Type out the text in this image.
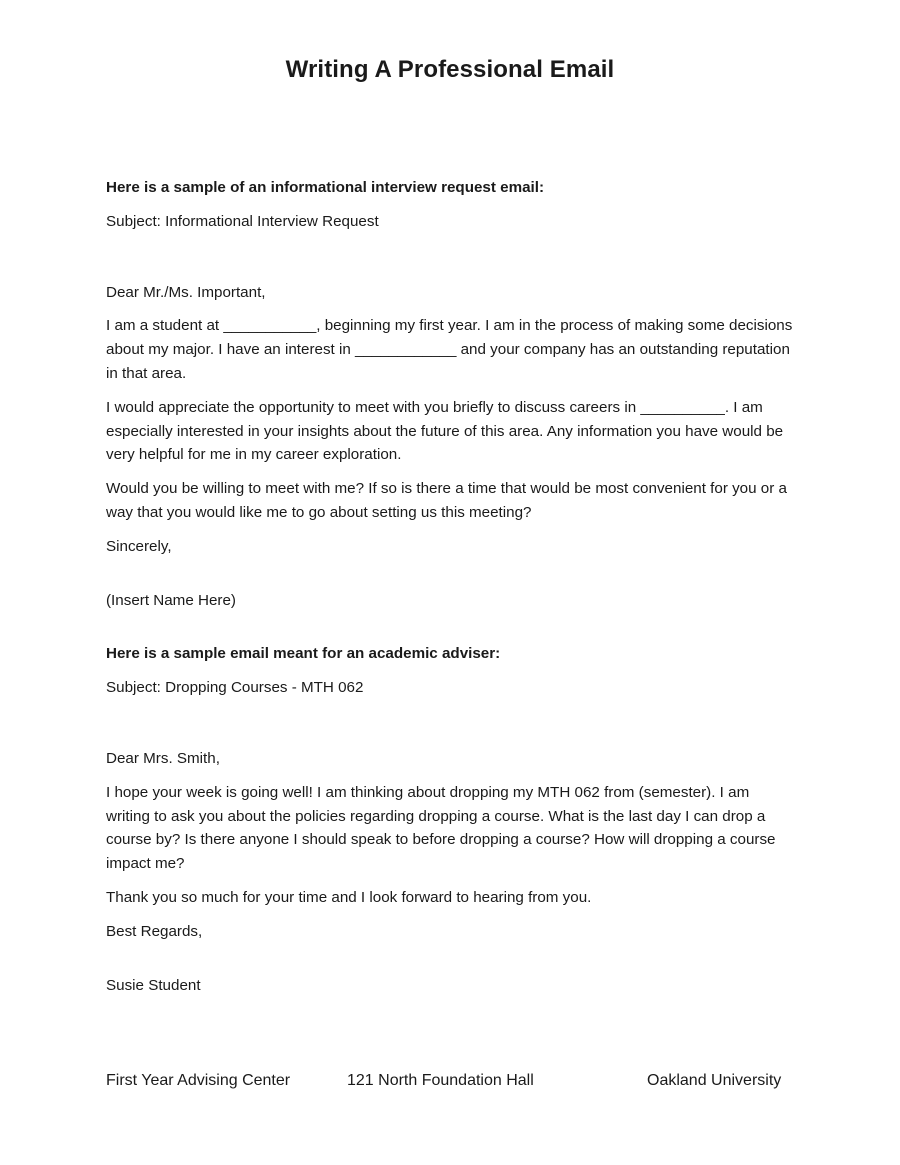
Writing A Professional Email

Here is a sample of an informational interview request email:

Subject: Informational Interview Request

Dear Mr./Ms. Important,

I am a student at ___________, beginning my first year. I am in the process of making some decisions about my major. I have an interest in ____________ and your company has an outstanding reputation in that area.

I would appreciate the opportunity to meet with you briefly to discuss careers in __________. I am especially interested in your insights about the future of this area. Any information you have would be very helpful for me in my career exploration.

Would you be willing to meet with me? If so is there a time that would be most convenient for you or a way that you would like me to go about setting us this meeting?

Sincerely,

(Insert Name Here)

Here is a sample email meant for an academic adviser:

Subject: Dropping Courses - MTH 062

Dear Mrs. Smith,

I hope your week is going well! I am thinking about dropping my MTH 062 from (semester). I am writing to ask you about the policies regarding dropping a course. What is the last day I can drop a course by? Is there anyone I should speak to before dropping a course? How will dropping a course impact me?

Thank you so much for your time and I look forward to hearing from you.

Best Regards,

Susie Student

First Year Advising Center	121 North Foundation Hall	Oakland University
